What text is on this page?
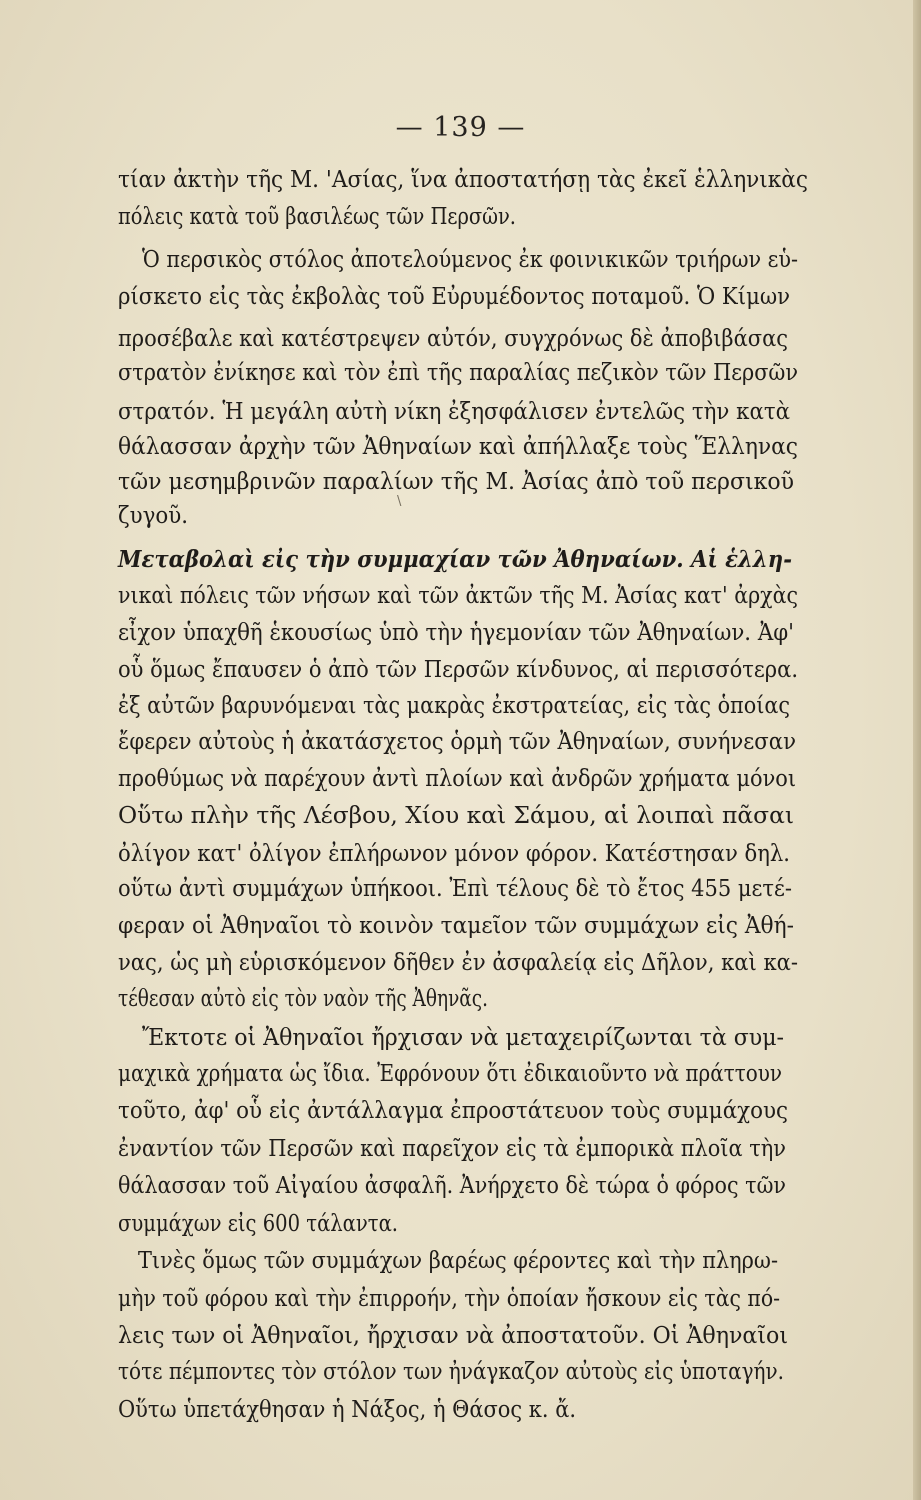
— 139 —
τίαν ἀκτὴν τῆς Μ. 'Ασίας, ἵνα ἀποστατήσῃ τὰς ἐκεῖ ἑλληνικὰς
πόλεις κατὰ τοῦ βασιλέως τῶν Περσῶν.
Ὁ περσικὸς στόλος ἀποτελούμενος ἐκ φοινικικῶν τριήρων εὑ-
ρίσκετο εἰς τὰς ἐκβολὰς τοῦ Εὐρυμέδοντος ποταμοῦ. Ὁ Κίμων
προσέβαλε καὶ κατέστρεψεν αὐτόν, συγχρόνως δὲ ἀποβιβάσας
στρατὸν ἐνίκησε καὶ τὸν ἐπὶ τῆς παραλίας πεζικὸν τῶν Περσῶν
στρατόν. Ἡ μεγάλη αὐτὴ νίκη ἐξησφάλισεν ἐντελῶς τὴν κατὰ
θάλασσαν ἀρχὴν τῶν Ἀθηναίων καὶ ἀπήλλαξε τοὺς Ἕλληνας
τῶν μεσημβρινῶν παραλίων τῆς Μ. Ἀσίας ἀπὸ τοῦ περσικοῦ
ζυγοῦ.
Μεταβολαὶ εἰς τὴν συμμαχίαν τῶν Ἀθηναίων. Αἱ ἑλλη-
νικαὶ πόλεις τῶν νήσων καὶ τῶν ἀκτῶν τῆς Μ. Ἀσίας κατ' ἀρχὰς
εἶχον ὑπαχθῆ ἑκουσίως ὑπὸ τὴν ἡγεμονίαν τῶν Ἀθηναίων. Ἀφ'
οὗ ὅμως ἔπαυσεν ὁ ἀπὸ τῶν Περσῶν κίνδυνος, αἱ περισσότερα.
ἐξ αὐτῶν βαρυνόμεναι τὰς μακρὰς ἐκστρατείας, εἰς τὰς ὁποίας
ἔφερεν αὐτοὺς ἡ ἀκατάσχετος ὁρμὴ τῶν Ἀθηναίων, συνήνεσαν
προθύμως νὰ παρέχουν ἀντὶ πλοίων καὶ ἀνδρῶν χρήματα μόνοι
Οὕτω πλὴν τῆς Λέσβου, Χίου καὶ Σάμου, αἱ λοιπαὶ πᾶσαι
ὀλίγον κατ' ὀλίγον ἐπλήρωνον μόνον φόρον. Κατέστησαν δηλ.
οὕτω ἀντὶ συμμάχων ὑπήκοοι. Ἐπὶ τέλους δὲ τὸ ἔτος 455 μετέ-
φεραν οἱ Ἀθηναῖοι τὸ κοινὸν ταμεῖον τῶν συμμάχων εἰς Ἀθή-
νας, ὡς μὴ εὑρισκόμενον δῆθεν ἐν ἀσφαλείᾳ εἰς Δῆλον, καὶ κα-
τέθεσαν αὐτὸ εἰς τὸν ναὸν τῆς Ἀθηνᾶς.
Ἔκτοτε οἱ Ἀθηναῖοι ἤρχισαν νὰ μεταχειρίζωνται τὰ συμ-
μαχικὰ χρήματα ὡς ἴδια. Ἐφρόνουν ὅτι ἐδικαιοῦντο νὰ πράττουν
τοῦτο, ἀφ' οὗ εἰς ἀντάλλαγμα ἐπροστάτευον τοὺς συμμάχους
ἐναντίον τῶν Περσῶν καὶ παρεῖχον εἰς τὰ ἐμπορικὰ πλοῖα τὴν
θάλασσαν τοῦ Αἰγαίου ἀσφαλῆ. Ἀνήρχετο δὲ τώρα ὁ φόρος τῶν
συμμάχων εἰς 600 τάλαντα.
Τινὲς ὅμως τῶν συμμάχων βαρέως φέροντες καὶ τὴν πληρω-
μὴν τοῦ φόρου καὶ τὴν ἐπιρροήν, τὴν ὁποίαν ἤσκουν εἰς τὰς πό-
λεις των οἱ Ἀθηναῖοι, ἤρχισαν νὰ ἀποστατοῦν. Οἱ Ἀθηναῖοι
τότε πέμποντες τὸν στόλον των ἠνάγκαζον αὐτοὺς εἰς ὑποταγήν.
Οὕτω ὑπετάχθησαν ἡ Νάξος, ἡ Θάσος κ. ἄ.
\
